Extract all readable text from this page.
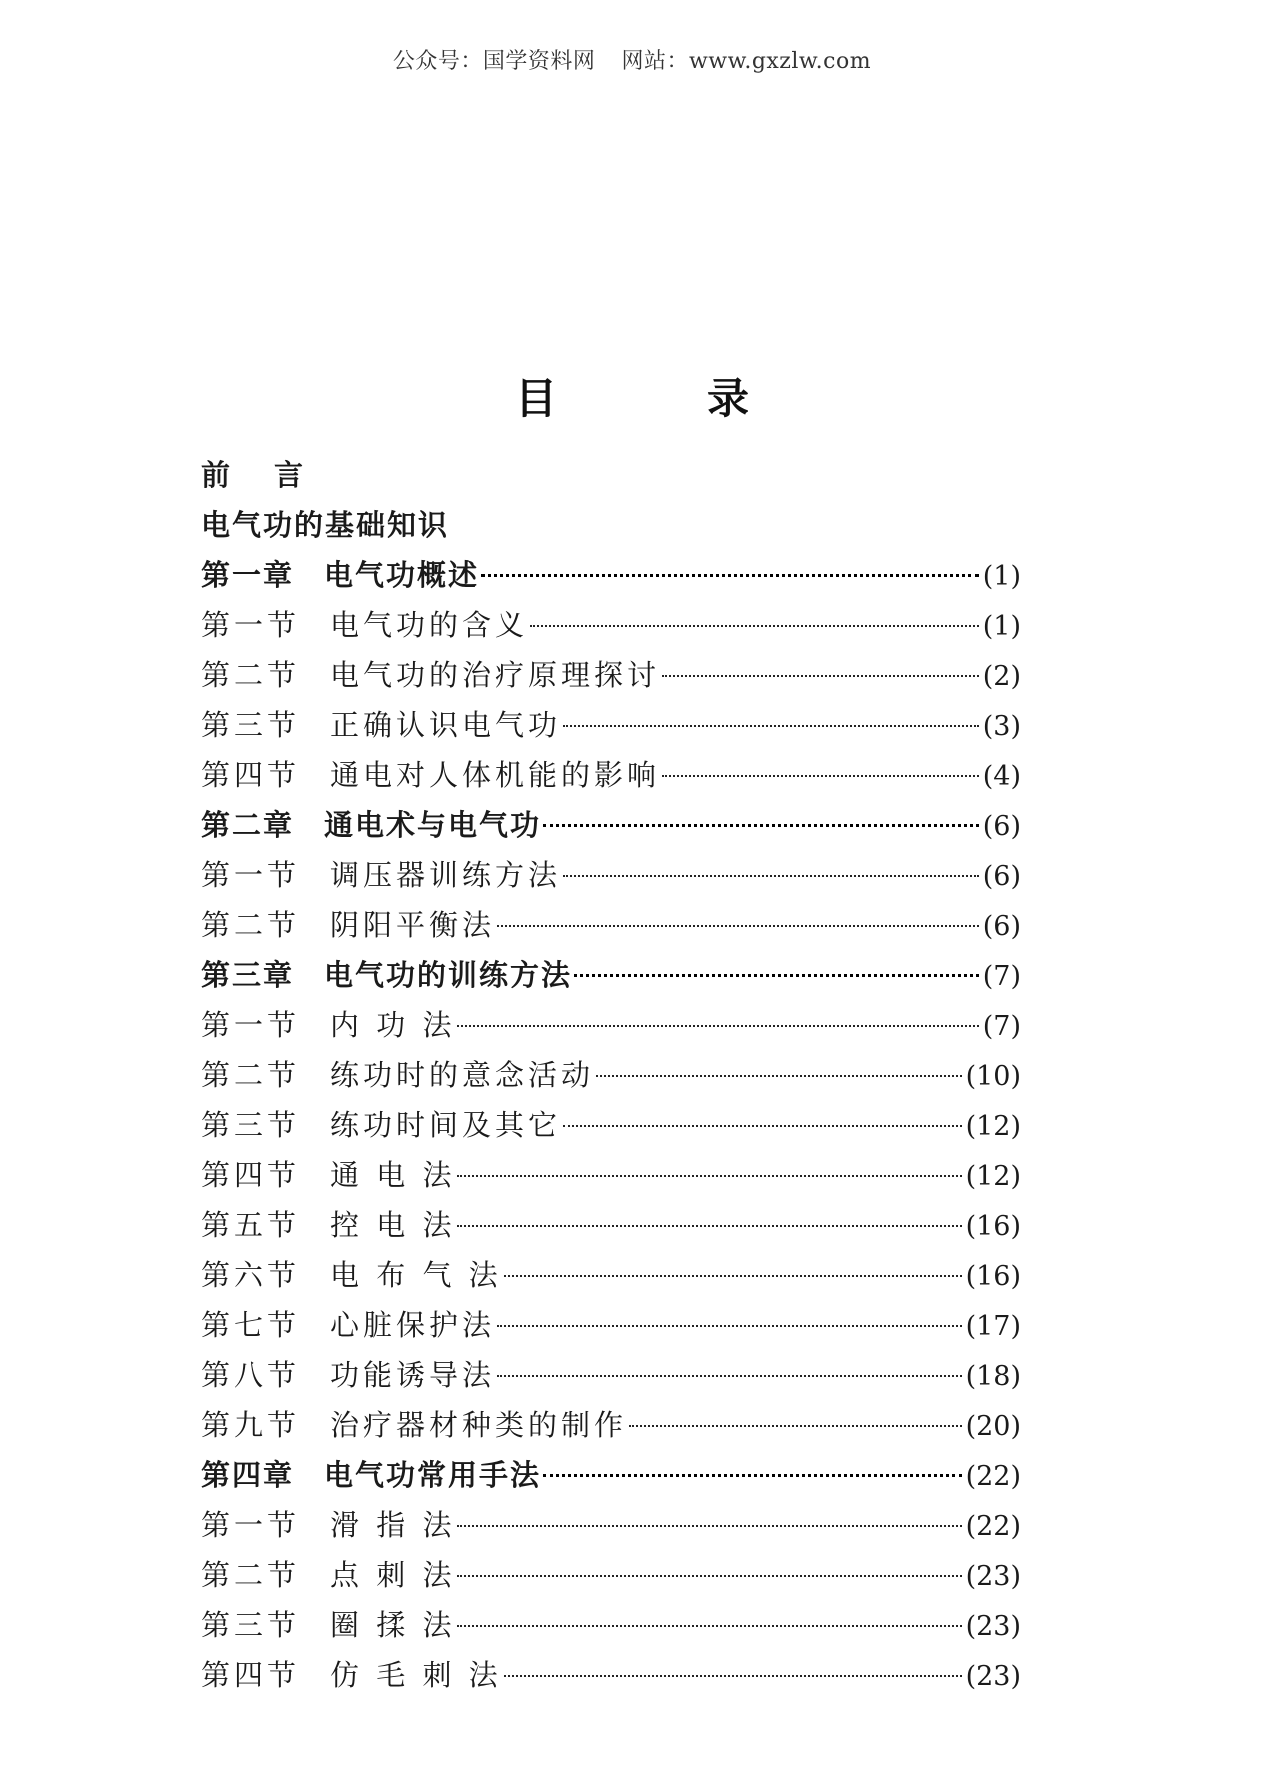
公众号：国学资料网 网站：www.gxzlw.com
目	录
前 言
电气功的基础知识
第一章 电气功概述	(1)
第一节 电气功的含义	(1)
第二节 电气功的治疗原理探讨	(2)
第三节 正确认识电气功	(3)
第四节 通电对人体机能的影响	(4)
第二章 通电术与电气功	(6)
第一节 调压器训练方法	(6)
第二节 阴阳平衡法	(6)
第三章 电气功的训练方法	(7)
第一节 内 功 法	(7)
第二节 练功时的意念活动	(10)
第三节 练功时间及其它	(12)
第四节 通 电 法	(12)
第五节 控 电 法	(16)
第六节 电 布 气 法	(16)
第七节 心脏保护法	(17)
第八节 功能诱导法	(18)
第九节 治疗器材种类的制作	(20)
第四章 电气功常用手法	(22)
第一节 滑 指 法	(22)
第二节 点 刺 法	(23)
第三节 圈 揉 法	(23)
第四节 仿 毛 刺 法	(23)
